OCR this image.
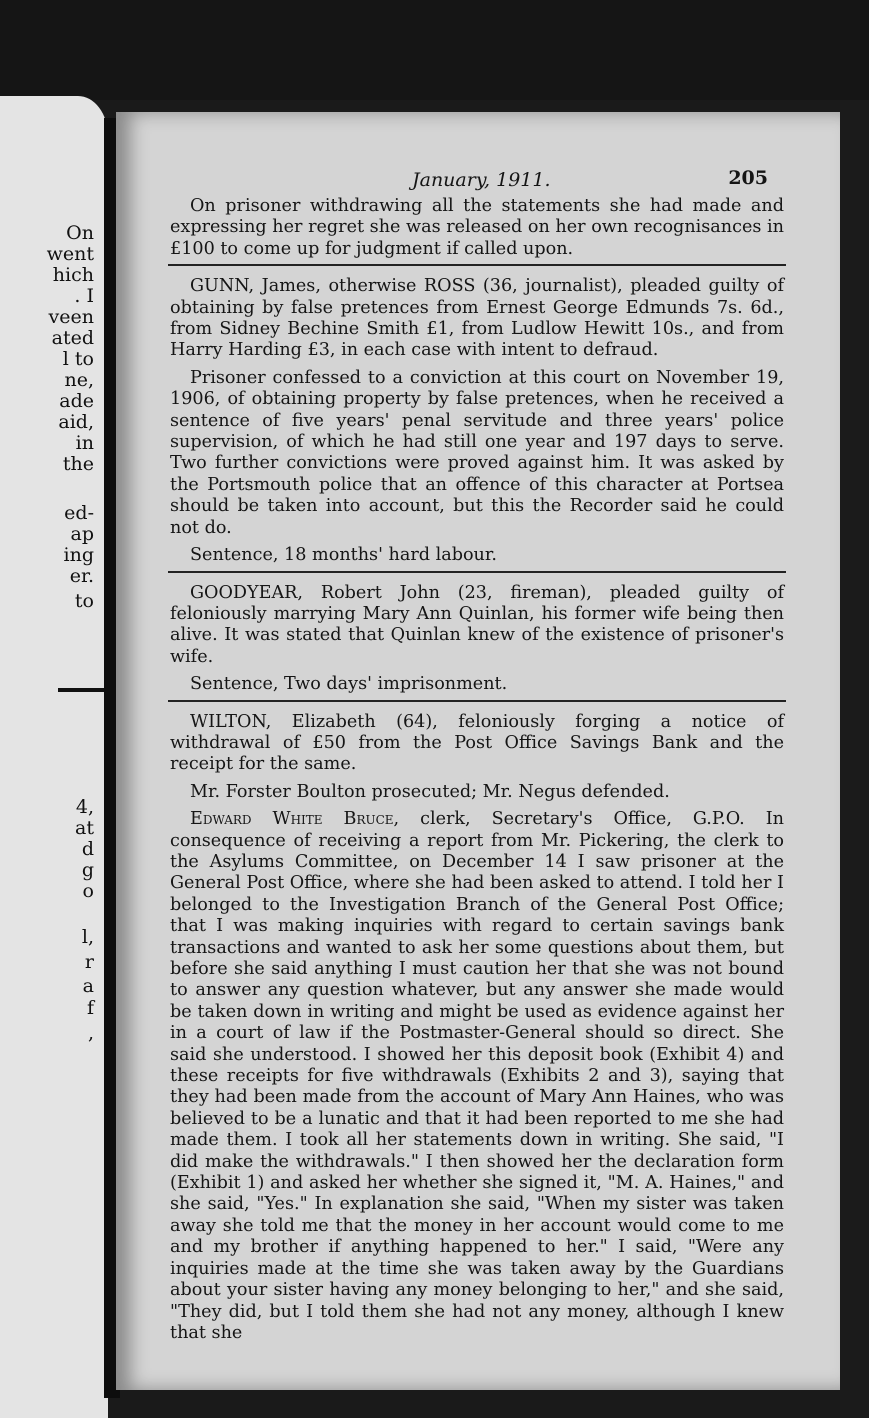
On
went
hich
. I
veen
ated
l to
ne,
ade
aid,
in
the
ed-
ap
ing
er.
to
4,
at
d
g
o
l,
r
a
f
,
January, 1911.	205

On prisoner withdrawing all the statements she had made and expressing her regret she was released on her own recognisances in £100 to come up for judgment if called upon.

GUNN, James, otherwise ROSS (36, journalist), pleaded guilty of obtaining by false pretences from Ernest George Edmunds 7s. 6d., from Sidney Bechine Smith £1, from Ludlow Hewitt 10s., and from Harry Harding £3, in each case with intent to defraud.

Prisoner confessed to a conviction at this court on November 19, 1906, of obtaining property by false pretences, when he received a sentence of five years' penal servitude and three years' police supervision, of which he had still one year and 197 days to serve. Two further convictions were proved against him. It was asked by the Portsmouth police that an offence of this character at Portsea should be taken into account, but this the Recorder said he could not do.

Sentence, 18 months' hard labour.

GOODYEAR, Robert John (23, fireman), pleaded guilty of feloniously marrying Mary Ann Quinlan, his former wife being then alive. It was stated that Quinlan knew of the existence of prisoner's wife.

Sentence, Two days' imprisonment.

WILTON, Elizabeth (64), feloniously forging a notice of withdrawal of £50 from the Post Office Savings Bank and the receipt for the same.

Mr. Forster Boulton prosecuted; Mr. Negus defended.

Edward White Bruce, clerk, Secretary's Office, G.P.O. In consequence of receiving a report from Mr. Pickering, the clerk to the Asylums Committee, on December 14 I saw prisoner at the General Post Office, where she had been asked to attend. I told her I belonged to the Investigation Branch of the General Post Office; that I was making inquiries with regard to certain savings bank transactions and wanted to ask her some questions about them, but before she said anything I must caution her that she was not bound to answer any question whatever, but any answer she made would be taken down in writing and might be used as evidence against her in a court of law if the Postmaster-General should so direct. She said she understood. I showed her this deposit book (Exhibit 4) and these receipts for five withdrawals (Exhibits 2 and 3), saying that they had been made from the account of Mary Ann Haines, who was believed to be a lunatic and that it had been reported to me she had made them. I took all her statements down in writing. She said, "I did make the withdrawals." I then showed her the declaration form (Exhibit 1) and asked her whether she signed it, "M. A. Haines," and she said, "Yes." In explanation she said, "When my sister was taken away she told me that the money in her account would come to me and my brother if anything happened to her." I said, "Were any inquiries made at the time she was taken away by the Guardians about your sister having any money belonging to her," and she said, "They did, but I told them she had not any money, although I knew that she
